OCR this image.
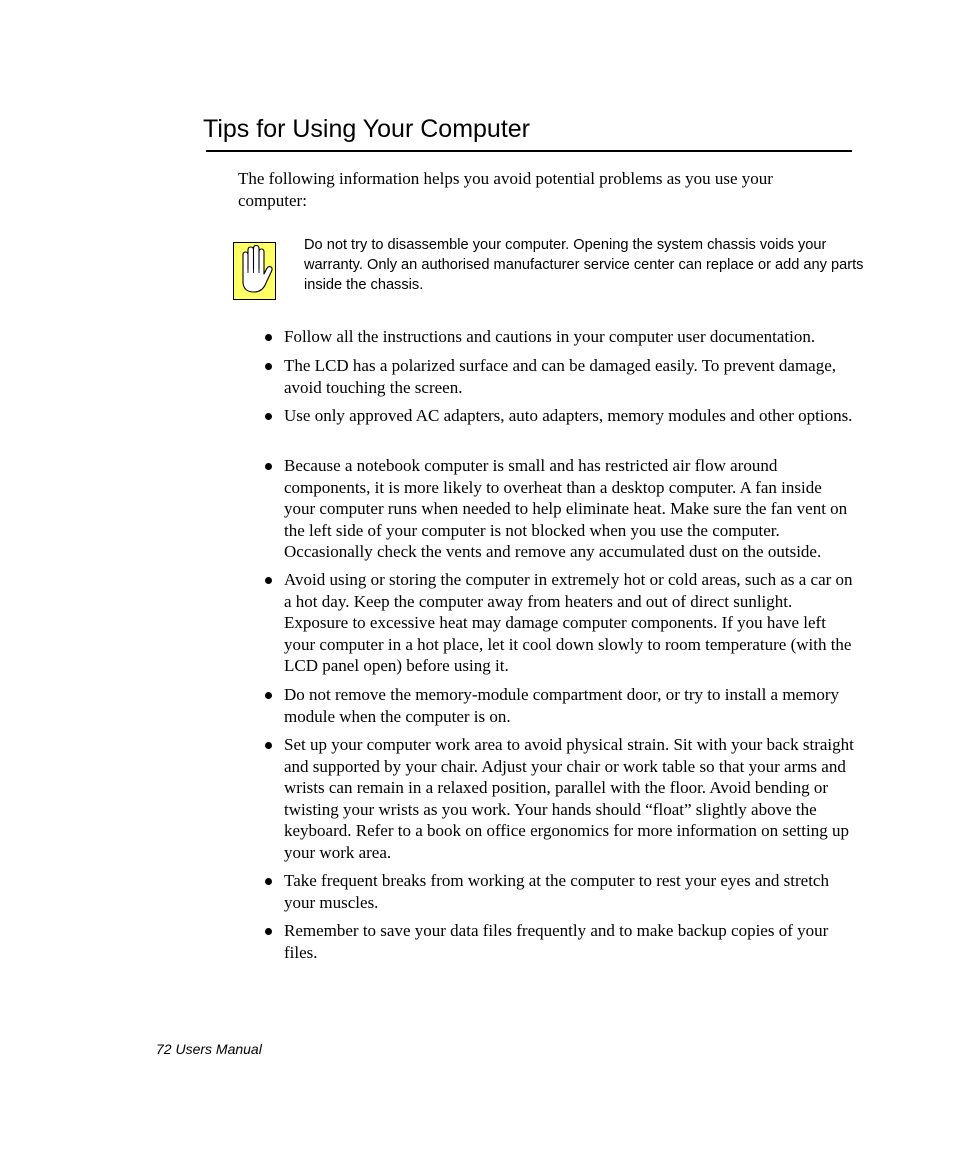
Tips for Using Your Computer

The following information helps you avoid potential problems as you use your computer:

Do not try to disassemble your computer. Opening the system chassis voids your warranty. Only an authorised manufacturer service center can replace or add any parts inside the chassis.

Follow all the instructions and cautions in your computer user documentation.
The LCD has a polarized surface and can be damaged easily. To prevent damage, avoid touching the screen.
Use only approved AC adapters, auto adapters, memory modules and other options.
Because a notebook computer is small and has restricted air flow around components, it is more likely to overheat than a desktop computer. A fan inside your computer runs when needed to help eliminate heat. Make sure the fan vent on the left side of your computer is not blocked when you use the computer. Occasionally check the vents and remove any accumulated dust on the outside.
Avoid using or storing the computer in extremely hot or cold areas, such as a car on a hot day. Keep the computer away from heaters and out of direct sunlight. Exposure to excessive heat may damage computer components. If you have left your computer in a hot place, let it cool down slowly to room temperature (with the LCD panel open) before using it.
Do not remove the memory-module compartment door, or try to install a memory module when the computer is on.
Set up your computer work area to avoid physical strain. Sit with your back straight and supported by your chair. Adjust your chair or work table so that your arms and wrists can remain in a relaxed position, parallel with the floor. Avoid bending or twisting your wrists as you work. Your hands should “float” slightly above the keyboard. Refer to a book on office ergonomics for more information on setting up your work area.
Take frequent breaks from working at the computer to rest your eyes and stretch your muscles.
Remember to save your data files frequently and to make backup copies of your files.

72 Users Manual
